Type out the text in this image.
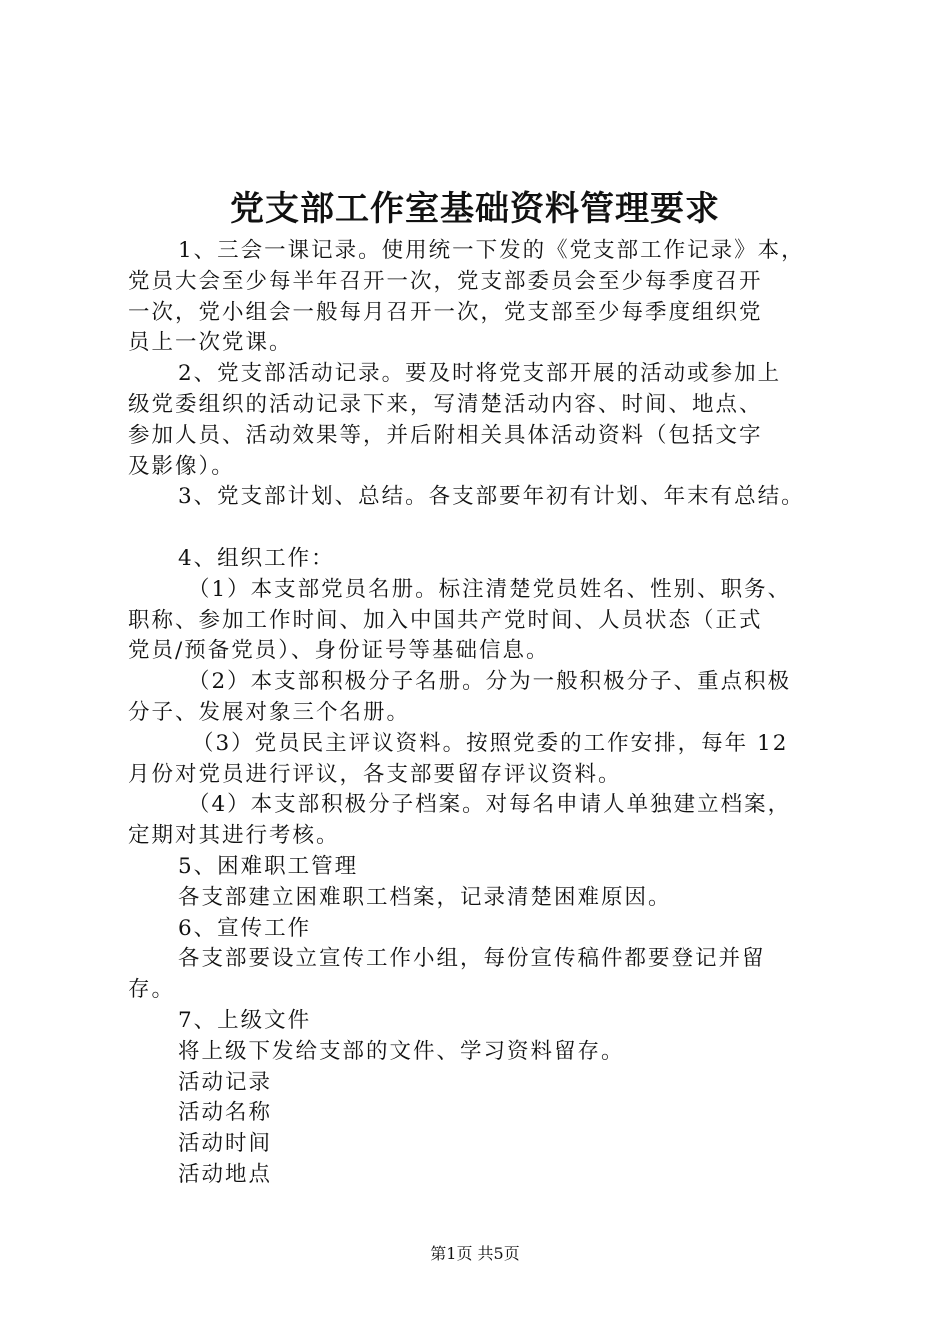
党支部工作室基础资料管理要求
1、三会一课记录。使用统一下发的《党支部工作记录》本，
党员大会至少每半年召开一次，党支部委员会至少每季度召开
一次，党小组会一般每月召开一次，党支部至少每季度组织党
员上一次党课。
2、党支部活动记录。要及时将党支部开展的活动或参加上
级党委组织的活动记录下来，写清楚活动内容、时间、地点、
参加人员、活动效果等，并后附相关具体活动资料（包括文字
及影像）。
3、党支部计划、总结。各支部要年初有计划、年末有总结。
4、组织工作：
（1）本支部党员名册。标注清楚党员姓名、性别、职务、
职称、参加工作时间、加入中国共产党时间、人员状态（正式
党员/预备党员）、身份证号等基础信息。
（2）本支部积极分子名册。分为一般积极分子、重点积极
分子、发展对象三个名册。
（3）党员民主评议资料。按照党委的工作安排，每年 12
月份对党员进行评议，各支部要留存评议资料。
（4）本支部积极分子档案。对每名申请人单独建立档案，
定期对其进行考核。
5、困难职工管理
各支部建立困难职工档案，记录清楚困难原因。
6、宣传工作
各支部要设立宣传工作小组，每份宣传稿件都要登记并留
存。
7、上级文件
将上级下发给支部的文件、学习资料留存。
活动记录
活动名称
活动时间
活动地点
第1页 共5页
